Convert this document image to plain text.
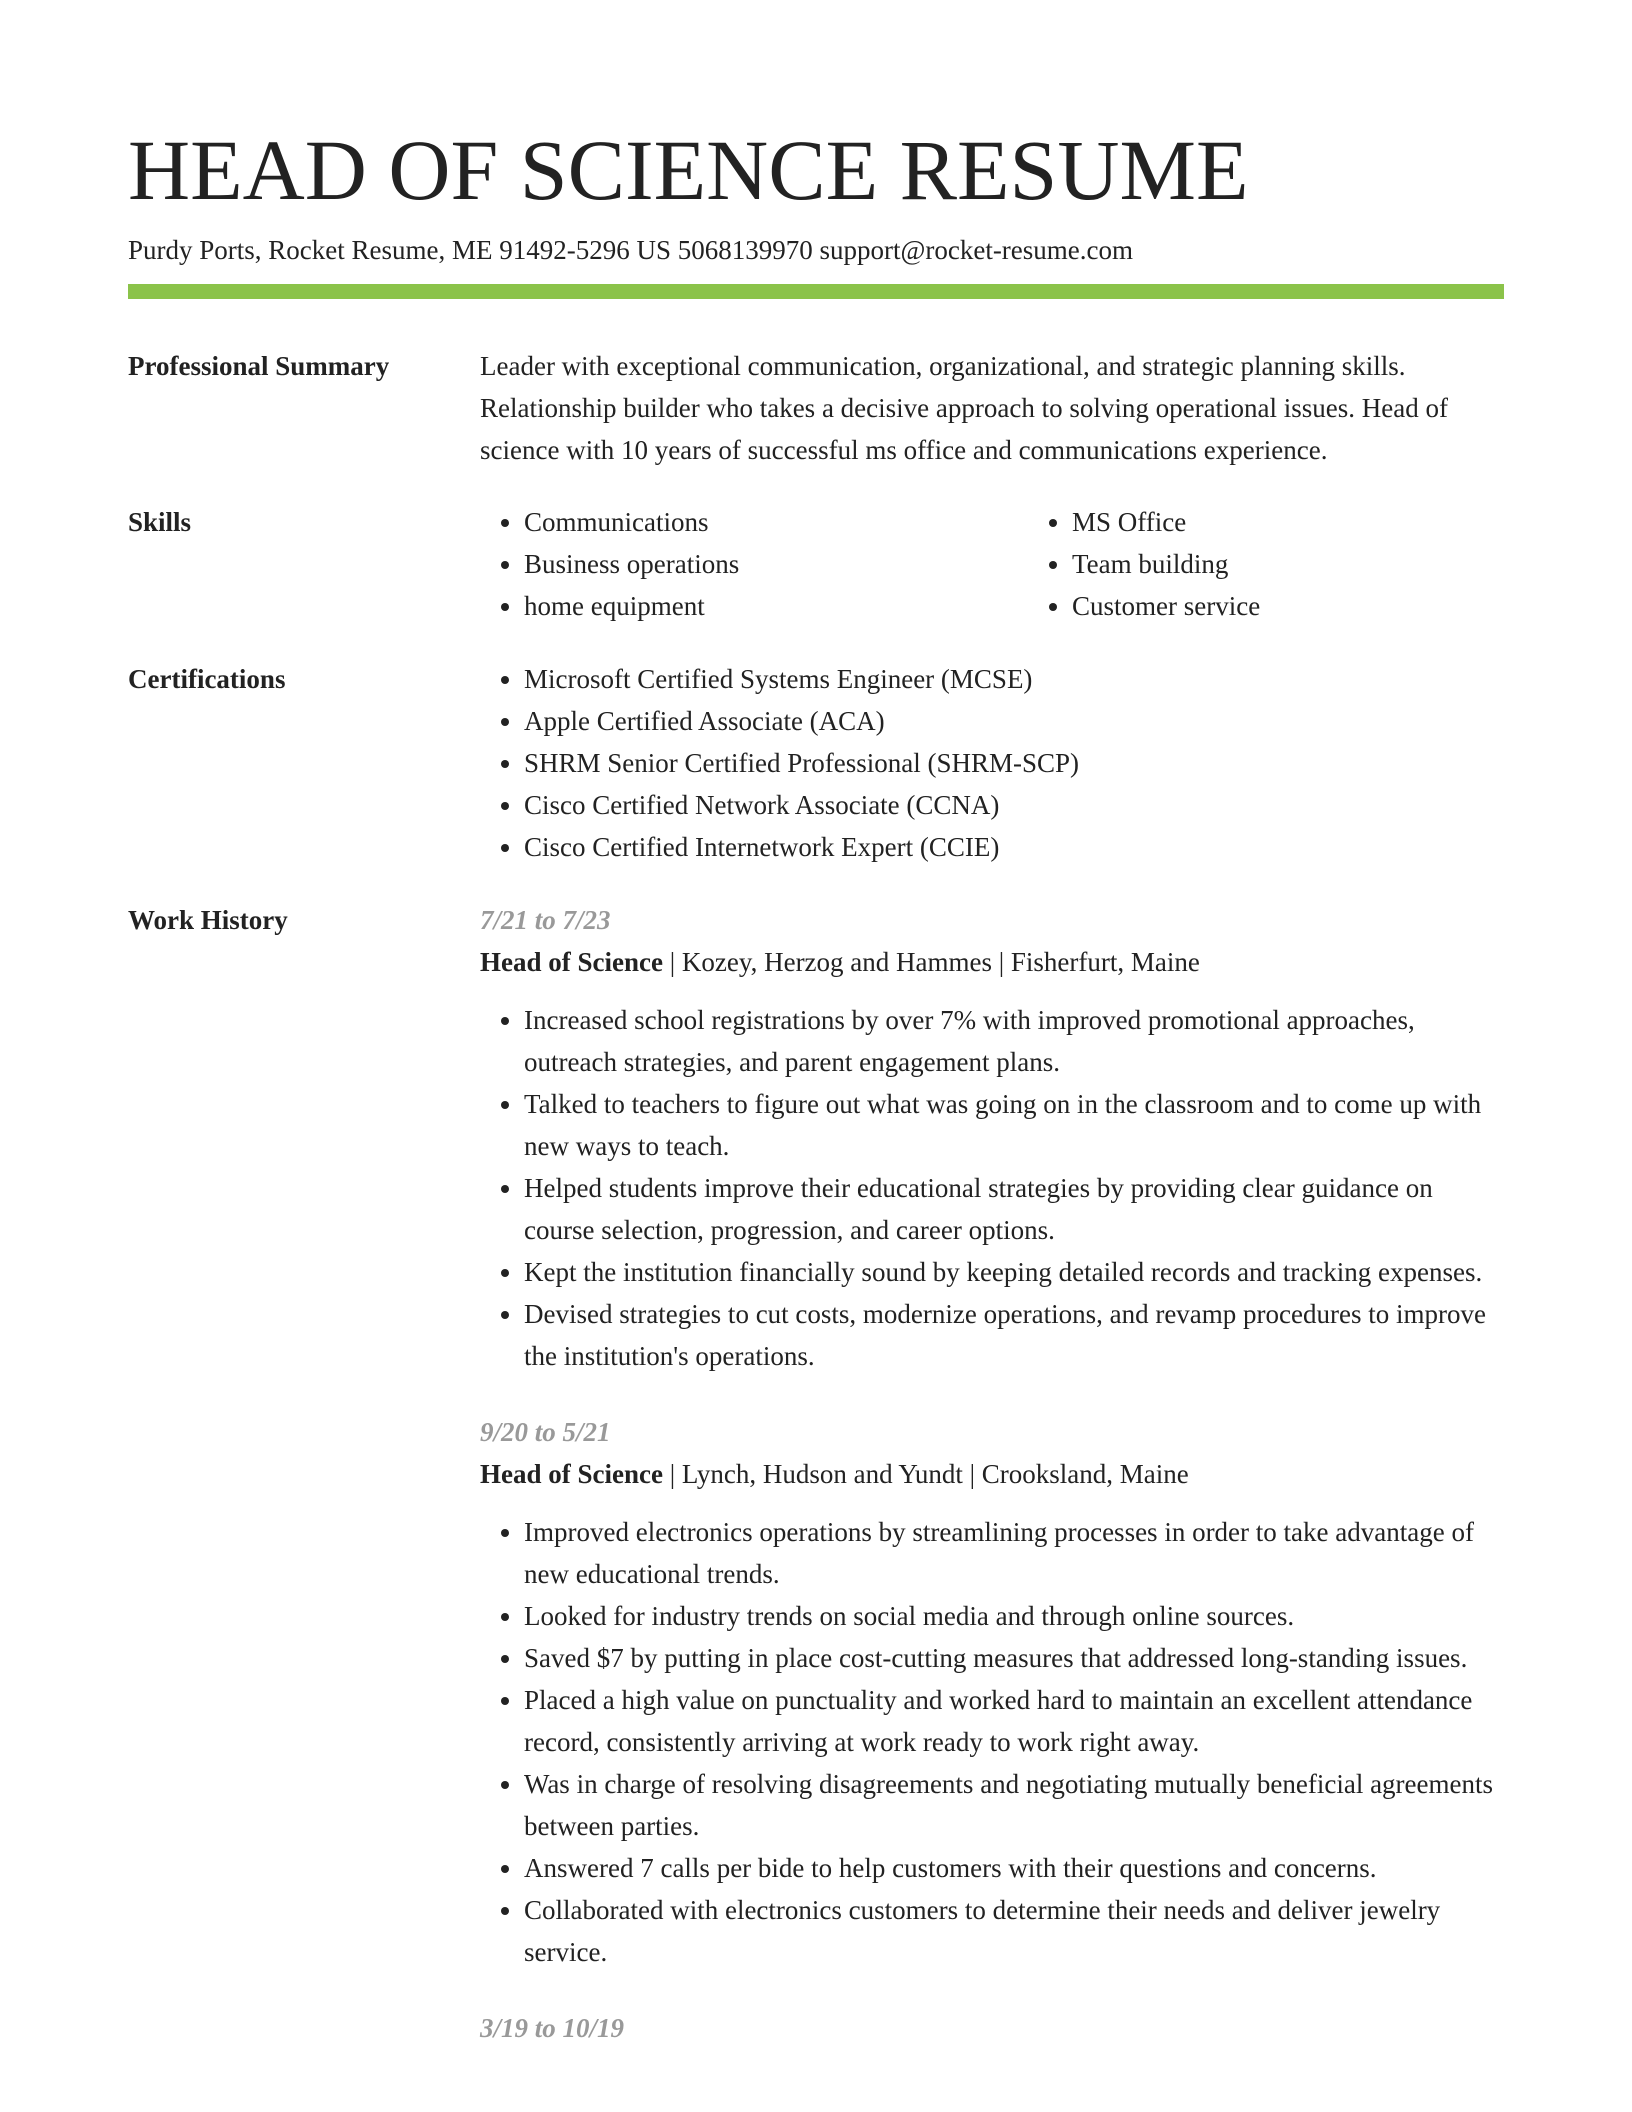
HEAD OF SCIENCE RESUME
Purdy Ports, Rocket Resume, ME 91492-5296 US 5068139970 support@rocket-resume.com
Professional Summary	Leader with exceptional communication, organizational, and strategic planning skills. Relationship builder who takes a decisive approach to solving operational issues. Head of science with 10 years of successful ms office and communications experience.

Skills	• Communications
• Business operations
• home equipment
• MS Office
• Team building
• Customer service
Certifications	• Microsoft Certified Systems Engineer (MCSE)
• Apple Certified Associate (ACA)
• SHRM Senior Certified Professional (SHRM-SCP)
• Cisco Certified Network Associate (CCNA)
• Cisco Certified Internetwork Expert (CCIE)
Work History	7/21 to 7/23
Head of Science | Kozey, Herzog and Hammes | Fisherfurt, Maine
• Increased school registrations by over 7% with improved promotional approaches, outreach strategies, and parent engagement plans.
• Talked to teachers to figure out what was going on in the classroom and to come up with new ways to teach.
• Helped students improve their educational strategies by providing clear guidance on course selection, progression, and career options.
• Kept the institution financially sound by keeping detailed records and tracking expenses.
• Devised strategies to cut costs, modernize operations, and revamp procedures to improve the institution's operations.
9/20 to 5/21
Head of Science | Lynch, Hudson and Yundt | Crooksland, Maine
• Improved electronics operations by streamlining processes in order to take advantage of new educational trends.
• Looked for industry trends on social media and through online sources.
• Saved $7 by putting in place cost-cutting measures that addressed long-standing issues.
• Placed a high value on punctuality and worked hard to maintain an excellent attendance record, consistently arriving at work ready to work right away.
• Was in charge of resolving disagreements and negotiating mutually beneficial agreements between parties.
• Answered 7 calls per bide to help customers with their questions and concerns.
• Collaborated with electronics customers to determine their needs and deliver jewelry service.
3/19 to 10/19
